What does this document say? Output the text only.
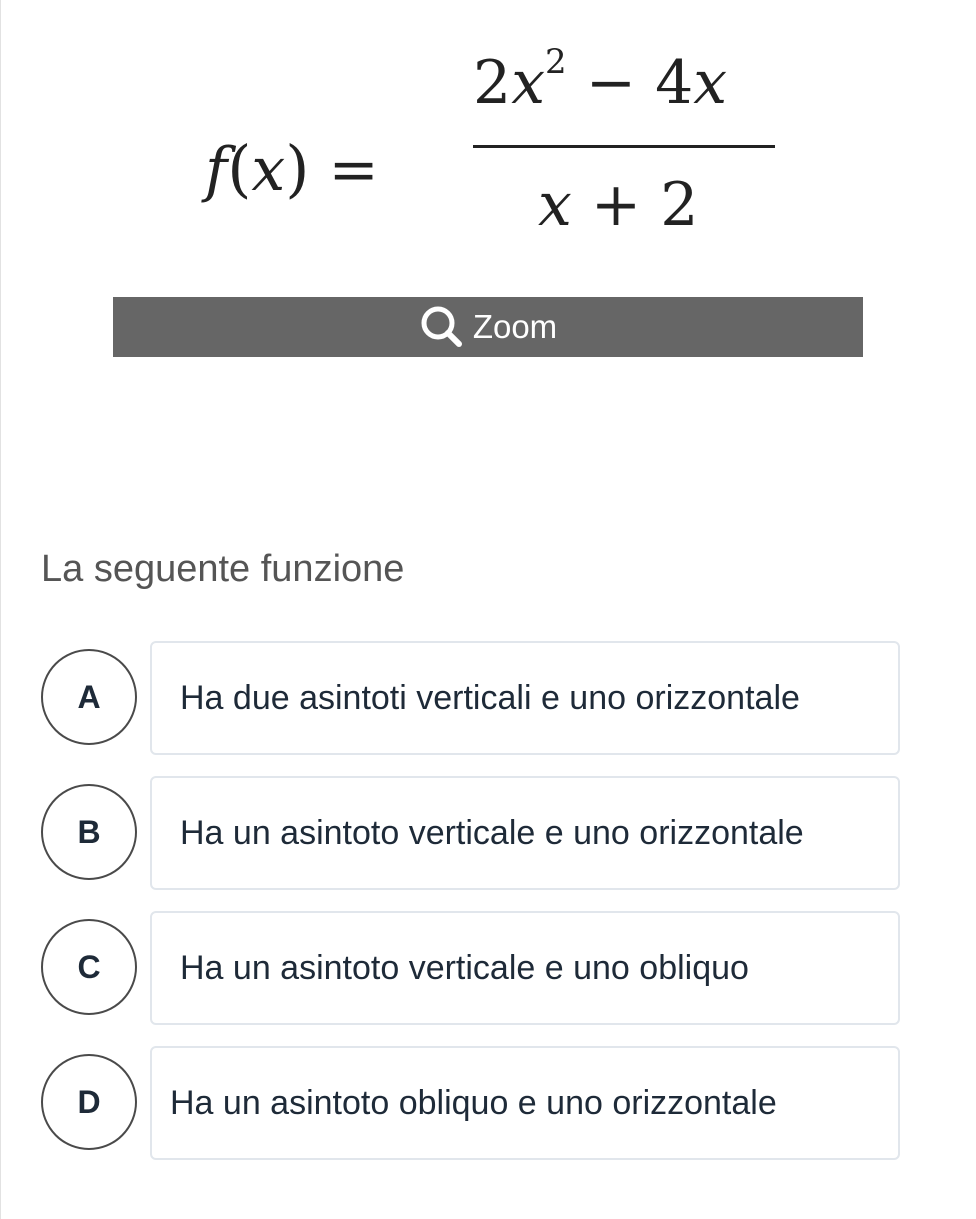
f(x) =
$2x^2 - 4x$
x + 2
Zoom
La seguente funzione
A	Ha due asintoti verticali e uno orizzontale
B	Ha un asintoto verticale e uno orizzontale
C	Ha un asintoto verticale e uno obliquo
D	Ha un asintoto obliquo e uno orizzontale
